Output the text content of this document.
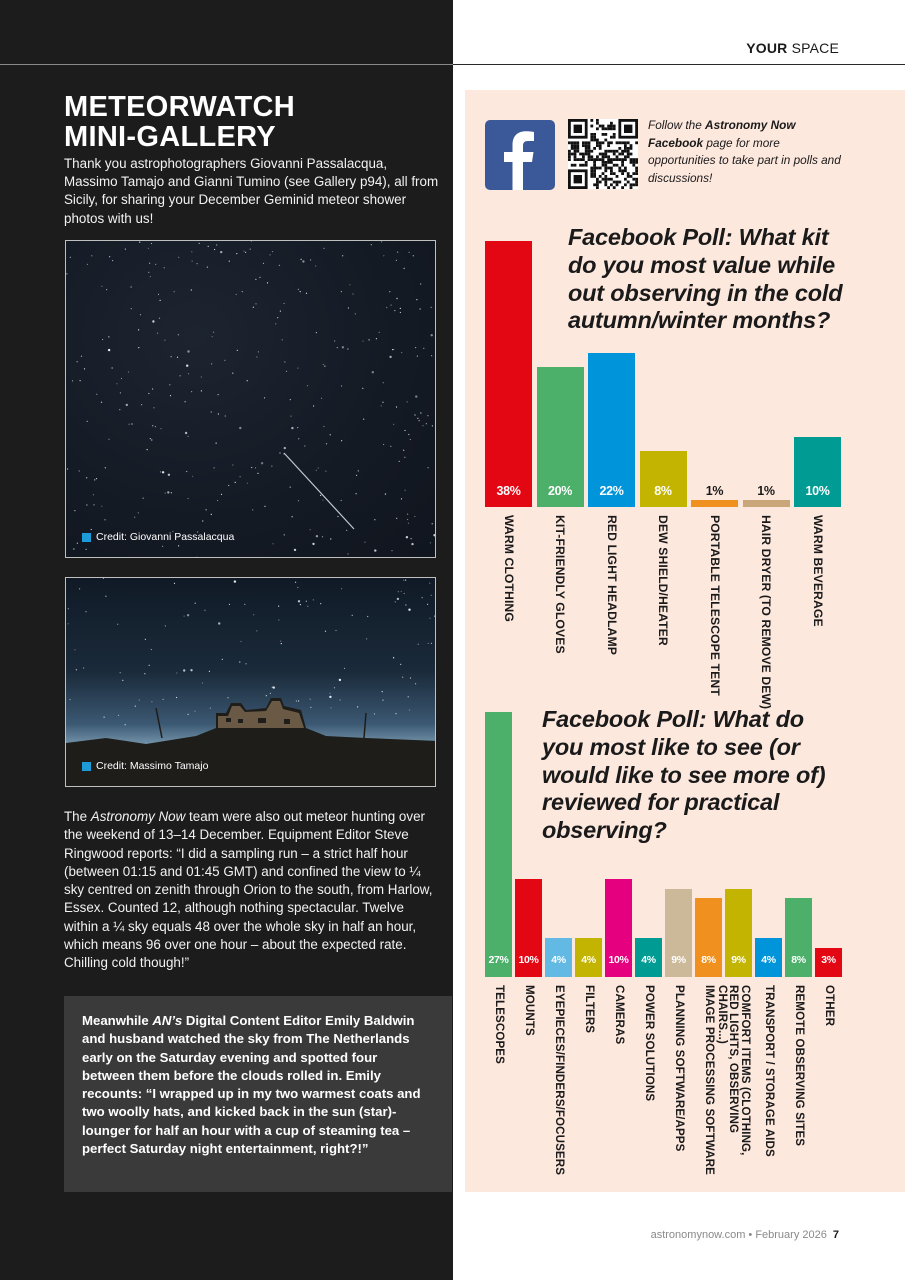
YOUR SPACE
METEORWATCH
MINI-GALLERY
Thank you astrophotographers Giovanni Passalacqua, Massimo Tamajo and Gianni Tumino (see Gallery p94), all from Sicily, for sharing your December Geminid meteor shower photos with us!
Credit: Giovanni Passalacqua
Credit: Massimo Tamajo
The Astronomy Now team were also out meteor hunting over the weekend of 13–14 December. Equipment Editor Steve Ringwood reports: “I did a sampling run – a strict half hour (between 01:15 and 01:45 GMT) and confined the view to ¼ sky centred on zenith through Orion to the south, from Harlow, Essex. Counted 12, although nothing spectacular. Twelve within a ¼ sky equals 48 over the whole sky in half an hour, which means 96 over one hour – about the expected rate. Chilling cold though!”
Meanwhile AN’s Digital Content Editor Emily Baldwin and husband watched the sky from The Netherlands early on the Saturday evening and spotted four between them before the clouds rolled in. Emily recounts: “I wrapped up in my two warmest coats and two woolly hats, and kicked back in the sun (star)-lounger for half an hour with a cup of steaming tea – perfect Saturday night entertainment, right?!”
Follow the Astronomy Now
Facebook page for more opportunities to take part in polls and discussions!
Facebook Poll: What kit do you most value while out observing in the cold autumn/winter months?
Facebook Poll: What do you most like to see (or would like to see more of) reviewed for practical observing?
astronomynow.com • February 2026 7
38%
WARM CLOTHING
20%
KIT-FRIENDLY GLOVES
22%
RED LIGHT HEADLAMP
8%
DEW SHIELD/HEATER
1%
PORTABLE TELESCOPE TENT
1%
HAIR DRYER (TO REMOVE DEW)
10%
WARM BEVERAGE
27%
TELESCOPES
10%
MOUNTS
4%
EYEPIECES/FINDERS/FOCUSERS
4%
FILTERS
10%
CAMERAS
4%
POWER SOLUTIONS
9%
PLANNING SOFTWARE/APPS
8%
IMAGE PROCESSING SOFTWARE
9%
COMFORT ITEMS (CLOTHING, RED LIGHTS, OBSERVING CHAIRS...)
4%
TRANSPORT / STORAGE AIDS
8%
REMOTE OBSERVING SITES
3%
OTHER
